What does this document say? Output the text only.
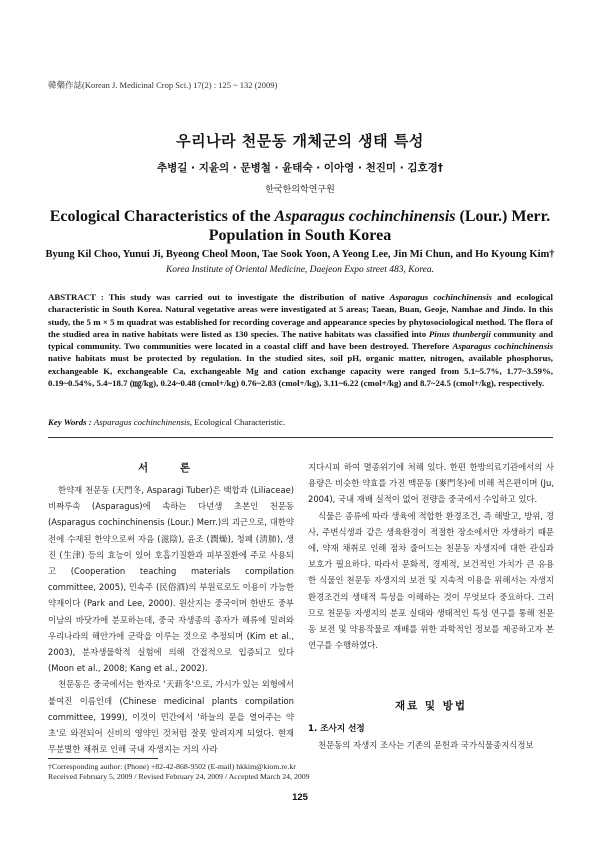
韓藥作誌(Korean J. Medicinal Crop Sci.) 17(2) : 125 ~ 132 (2009)
우리나라 천문동 개체군의 생태 특성
추병길 · 지윤의 · 문병철 · 윤태숙 · 이아영 · 천진미 · 김호경†
한국한의학연구원
Ecological Characteristics of the Asparagus cochinchinensis (Lour.) Merr. Population in South Korea
Byung Kil Choo, Yunui Ji, Byeong Cheol Moon, Tae Sook Yoon, A Yeong Lee, Jin Mi Chun, and Ho Kyoung Kim†
Korea Institute of Oriental Medicine, Daejeon Expo street 483, Korea.
ABSTRACT : This study was carried out to investigate the distribution of native Asparagus cochinchinensis and ecological characteristic in South Korea. Natural vegetative areas were investigated at 5 areas; Taean, Buan, Geoje, Namhae and Jindo. In this study, the 5 m × 5 m quadrat was established for recording coverage and appearance species by phytosociological method. The flora of the studied area in native habitats were listed as 130 species. The native habitats was classified into Pinus thunbergii community and typical community. Two communities were located in a coastal cliff and have been destroyed. Therefore Asparagus cochinchinensis native habitats must be protected by regulation. In the studied sites, soil pH, organic matter, nitrogen, available phosphorus, exchangeable K, exchangeable Ca, exchangeable Mg and cation exchange capacity were ranged from 5.1~5.7%, 1.77~3.59%, 0.19~0.54%, 5.4~18.7 (㎎/kg), 0.24~0.48 (cmol+/kg) 0.76~2.83 (cmol+/kg), 3.11~6.22 (cmol+/kg) and 8.7~24.5 (cmol+/kg), respectively.
Key Words : Asparagus cochinchinensis, Ecological Characteristic.
서 론

한약재 천문동 (天門冬, Asparagi Tuber)은 백합과 (Liliaceae) 비짜루속 (Asparagus)에 속하는 다년생 초본인 천문동 (Asparagus cochinchinensis (Lour.) Merr.)의 괴근으로, 대한약전에 수재된 한약으로써 자음 (滋陰), 윤조 (潤燥), 청폐 (淸肺), 생진 (生津) 등의 효능이 있어 호흡기질환과 피부질환에 주로 사용되고 (Cooperation teaching materials compilation committee, 2005), 민속주 (民俗酒)의 부원료로도 이용이 가능한 약재이다 (Park and Lee, 2000). 원산지는 중국이며 한반도 중부 이남의 바닷가에 분포하는데, 중국 자생종의 종자가 해류에 밀려와 우리나라의 해안가에 군락을 이루는 것으로 추정되며 (Kim et al., 2003), 분자생물학적 실험에 의해 간접적으로 입증되고 있다 (Moon et al., 2008; Kang et al., 2002).

천문동은 중국에서는 한자로 '天𧃫冬'으로, 가시가 있는 외형에서 붙여진 이름인데 (Chinese medicinal plants compilation committee, 1999), 이것이 민간에서 '하늘의 문을 열어주는 약초'로 와전되어 신비의 영약인 것처럼 잘못 알려지게 되었다. 현재 무분별한 채취로 인해 국내 자생지는 거의 사라

지다시피 하여 멸종위기에 처해 있다. 한편 한방의료기관에서의 사용량은 비슷한 약효를 가진 맥문동 (麥門冬)에 비해 적은편이며 (Ju, 2004), 국내 재배 실적이 없어 전량을 중국에서 수입하고 있다.

식물은 종류에 따라 생육에 적합한 환경조건, 즉 해발고, 방위, 경사, 주변식생과 같은 생육환경이 적절한 장소에서만 자생하기 때문에, 약재 채취로 인해 점차 줄어드는 천문동 자생지에 대한 관심과 보호가 필요하다. 따라서 문화적, 경제적, 보건적인 가치가 큰 유용한 식물인 천문동 자생지의 보전 및 지속적 이용을 위해서는 자생지 환경조건의 생태적 특성을 이해하는 것이 무엇보다 중요하다. 그러므로 천문동 자생지의 분포 실태와 생태적인 특성 연구를 통해 천문동 보전 및 약용작물로 재배를 위한 과학적인 정보를 제공하고자 본 연구를 수행하였다.

재료 및 방법
1. 조사지 선정

천문동의 자생지 조사는 기존의 문헌과 국가식물종지식정보

†Corresponding author: (Phone) +82-42-868-9502 (E-mail) hkkim@kiom.re.kr
Received February 5, 2009 / Revised February 24, 2009 / Accepted March 24, 2009
125
